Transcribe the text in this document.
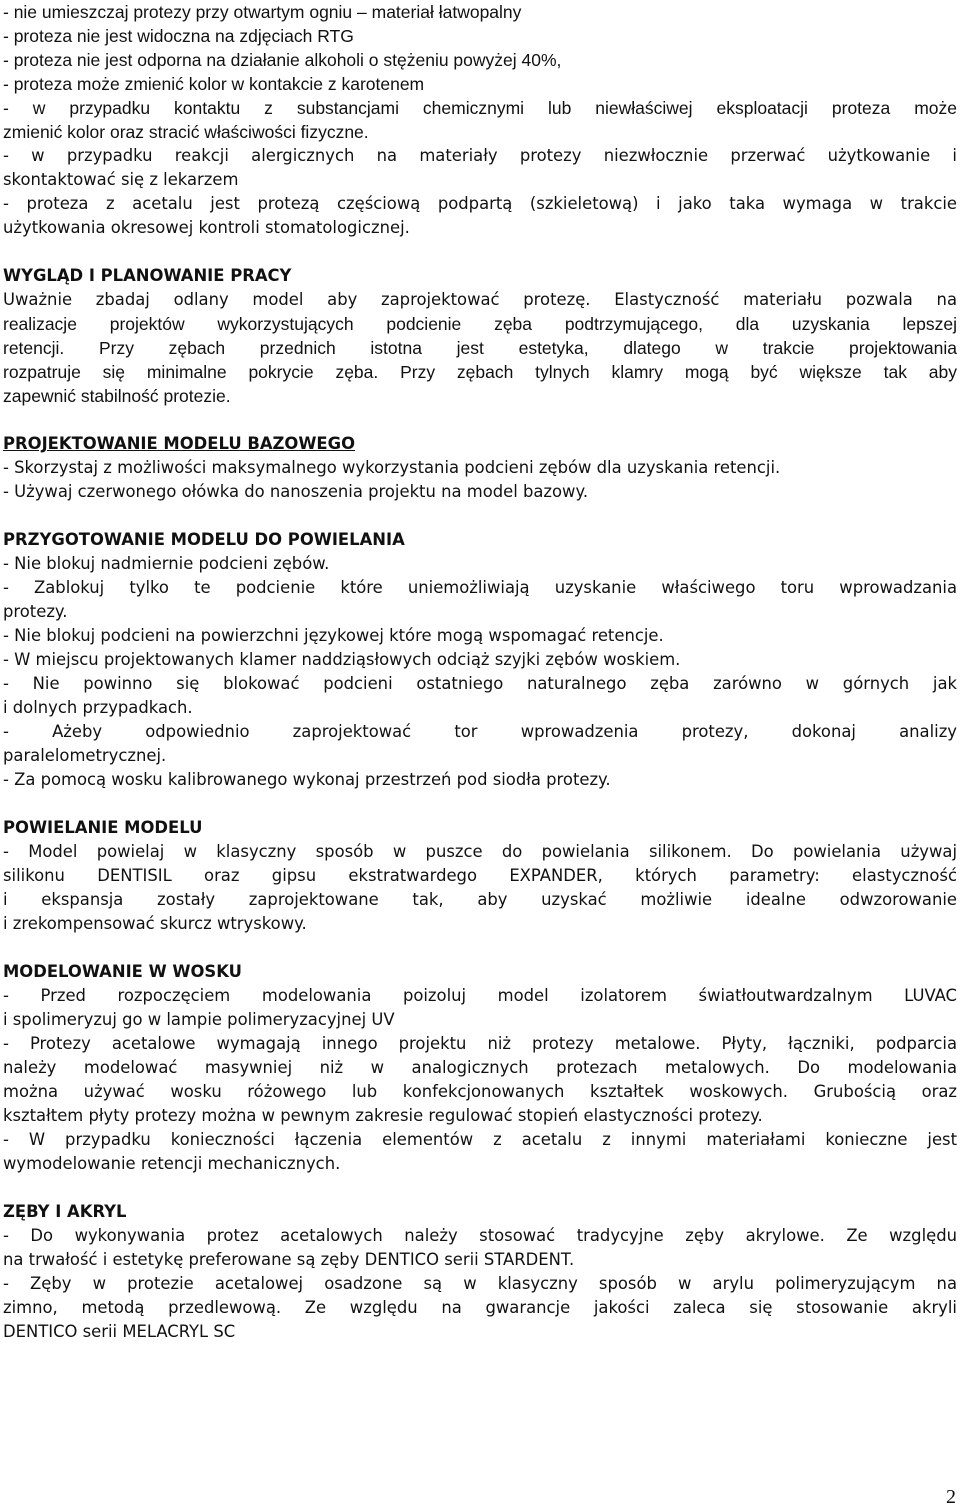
- nie umieszczaj protezy przy otwartym ogniu – materiał łatwopalny
- proteza nie jest widoczna na zdjęciach RTG
- proteza nie jest odporna na działanie alkoholi o stężeniu powyżej 40%,
- proteza może zmienić kolor w kontakcie z karotenem
- w przypadku kontaktu z substancjami chemicznymi lub niewłaściwej eksploatacji proteza może
zmienić kolor oraz stracić właściwości fizyczne.
- w przypadku reakcji alergicznych na materiały protezy niezwłocznie przerwać użytkowanie i
skontaktować się z lekarzem
- proteza z acetalu jest protezą częściową podpartą (szkieletową) i jako taka wymaga w trakcie
użytkowania okresowej kontroli stomatologicznej.
WYGLĄD I PLANOWANIE PRACY
Uważnie zbadaj odlany model aby zaprojektować protezę. Elastyczność materiału pozwala na
realizacje projektów wykorzystujących podcienie zęba podtrzymującego, dla uzyskania lepszej
retencji. Przy zębach przednich istotna jest estetyka, dlatego w trakcie projektowania
rozpatruje się minimalne pokrycie zęba. Przy zębach tylnych klamry mogą być większe tak aby
zapewnić stabilność protezie.
PROJEKTOWANIE MODELU BAZOWEGO
- Skorzystaj z możliwości maksymalnego wykorzystania podcieni zębów dla uzyskania retencji.
- Używaj czerwonego ołówka do nanoszenia projektu na model bazowy.
PRZYGOTOWANIE MODELU DO POWIELANIA
- Nie blokuj nadmiernie podcieni zębów.
- Zablokuj tylko te podcienie które uniemożliwiają uzyskanie właściwego toru wprowadzania
protezy.
- Nie blokuj podcieni na powierzchni językowej które mogą wspomagać retencje.
- W miejscu projektowanych klamer naddziąsłowych odciąż szyjki zębów woskiem.
- Nie powinno się blokować podcieni ostatniego naturalnego zęba zarówno w górnych jak
i dolnych przypadkach.
- Ażeby odpowiednio zaprojektować tor wprowadzenia protezy, dokonaj analizy
paralelometrycznej.
- Za pomocą wosku kalibrowanego wykonaj przestrzeń pod siodła protezy.
POWIELANIE MODELU
- Model powielaj w klasyczny sposób w puszce do powielania silikonem. Do powielania używaj
silikonu DENTISIL oraz gipsu ekstratwardego EXPANDER, których parametry: elastyczność
i ekspansja zostały zaprojektowane tak, aby uzyskać możliwie idealne odwzorowanie
i zrekompensować skurcz wtryskowy.
MODELOWANIE W WOSKU
- Przed rozpoczęciem modelowania poizoluj model izolatorem światłoutwardzalnym LUVAC
i spolimeryzuj go w lampie polimeryzacyjnej UV
- Protezy acetalowe wymagają innego projektu niż protezy metalowe. Płyty, łączniki, podparcia
należy modelować masywniej niż w analogicznych protezach metalowych. Do modelowania
można używać wosku różowego lub konfekcjonowanych kształtek woskowych. Grubością oraz
kształtem płyty protezy można w pewnym zakresie regulować stopień elastyczności protezy.
- W przypadku konieczności łączenia elementów z acetalu z innymi materiałami konieczne jest
wymodelowanie retencji mechanicznych.
ZĘBY I AKRYL
- Do wykonywania protez acetalowych należy stosować tradycyjne zęby akrylowe. Ze względu
na trwałość i estetykę preferowane są zęby DENTICO serii STARDENT.
- Zęby w protezie acetalowej osadzone są w klasyczny sposób w arylu polimeryzującym na
zimno, metodą przedlewową. Ze względu na gwarancje jakości zaleca się stosowanie akryli
DENTICO serii MELACRYL SC
2
